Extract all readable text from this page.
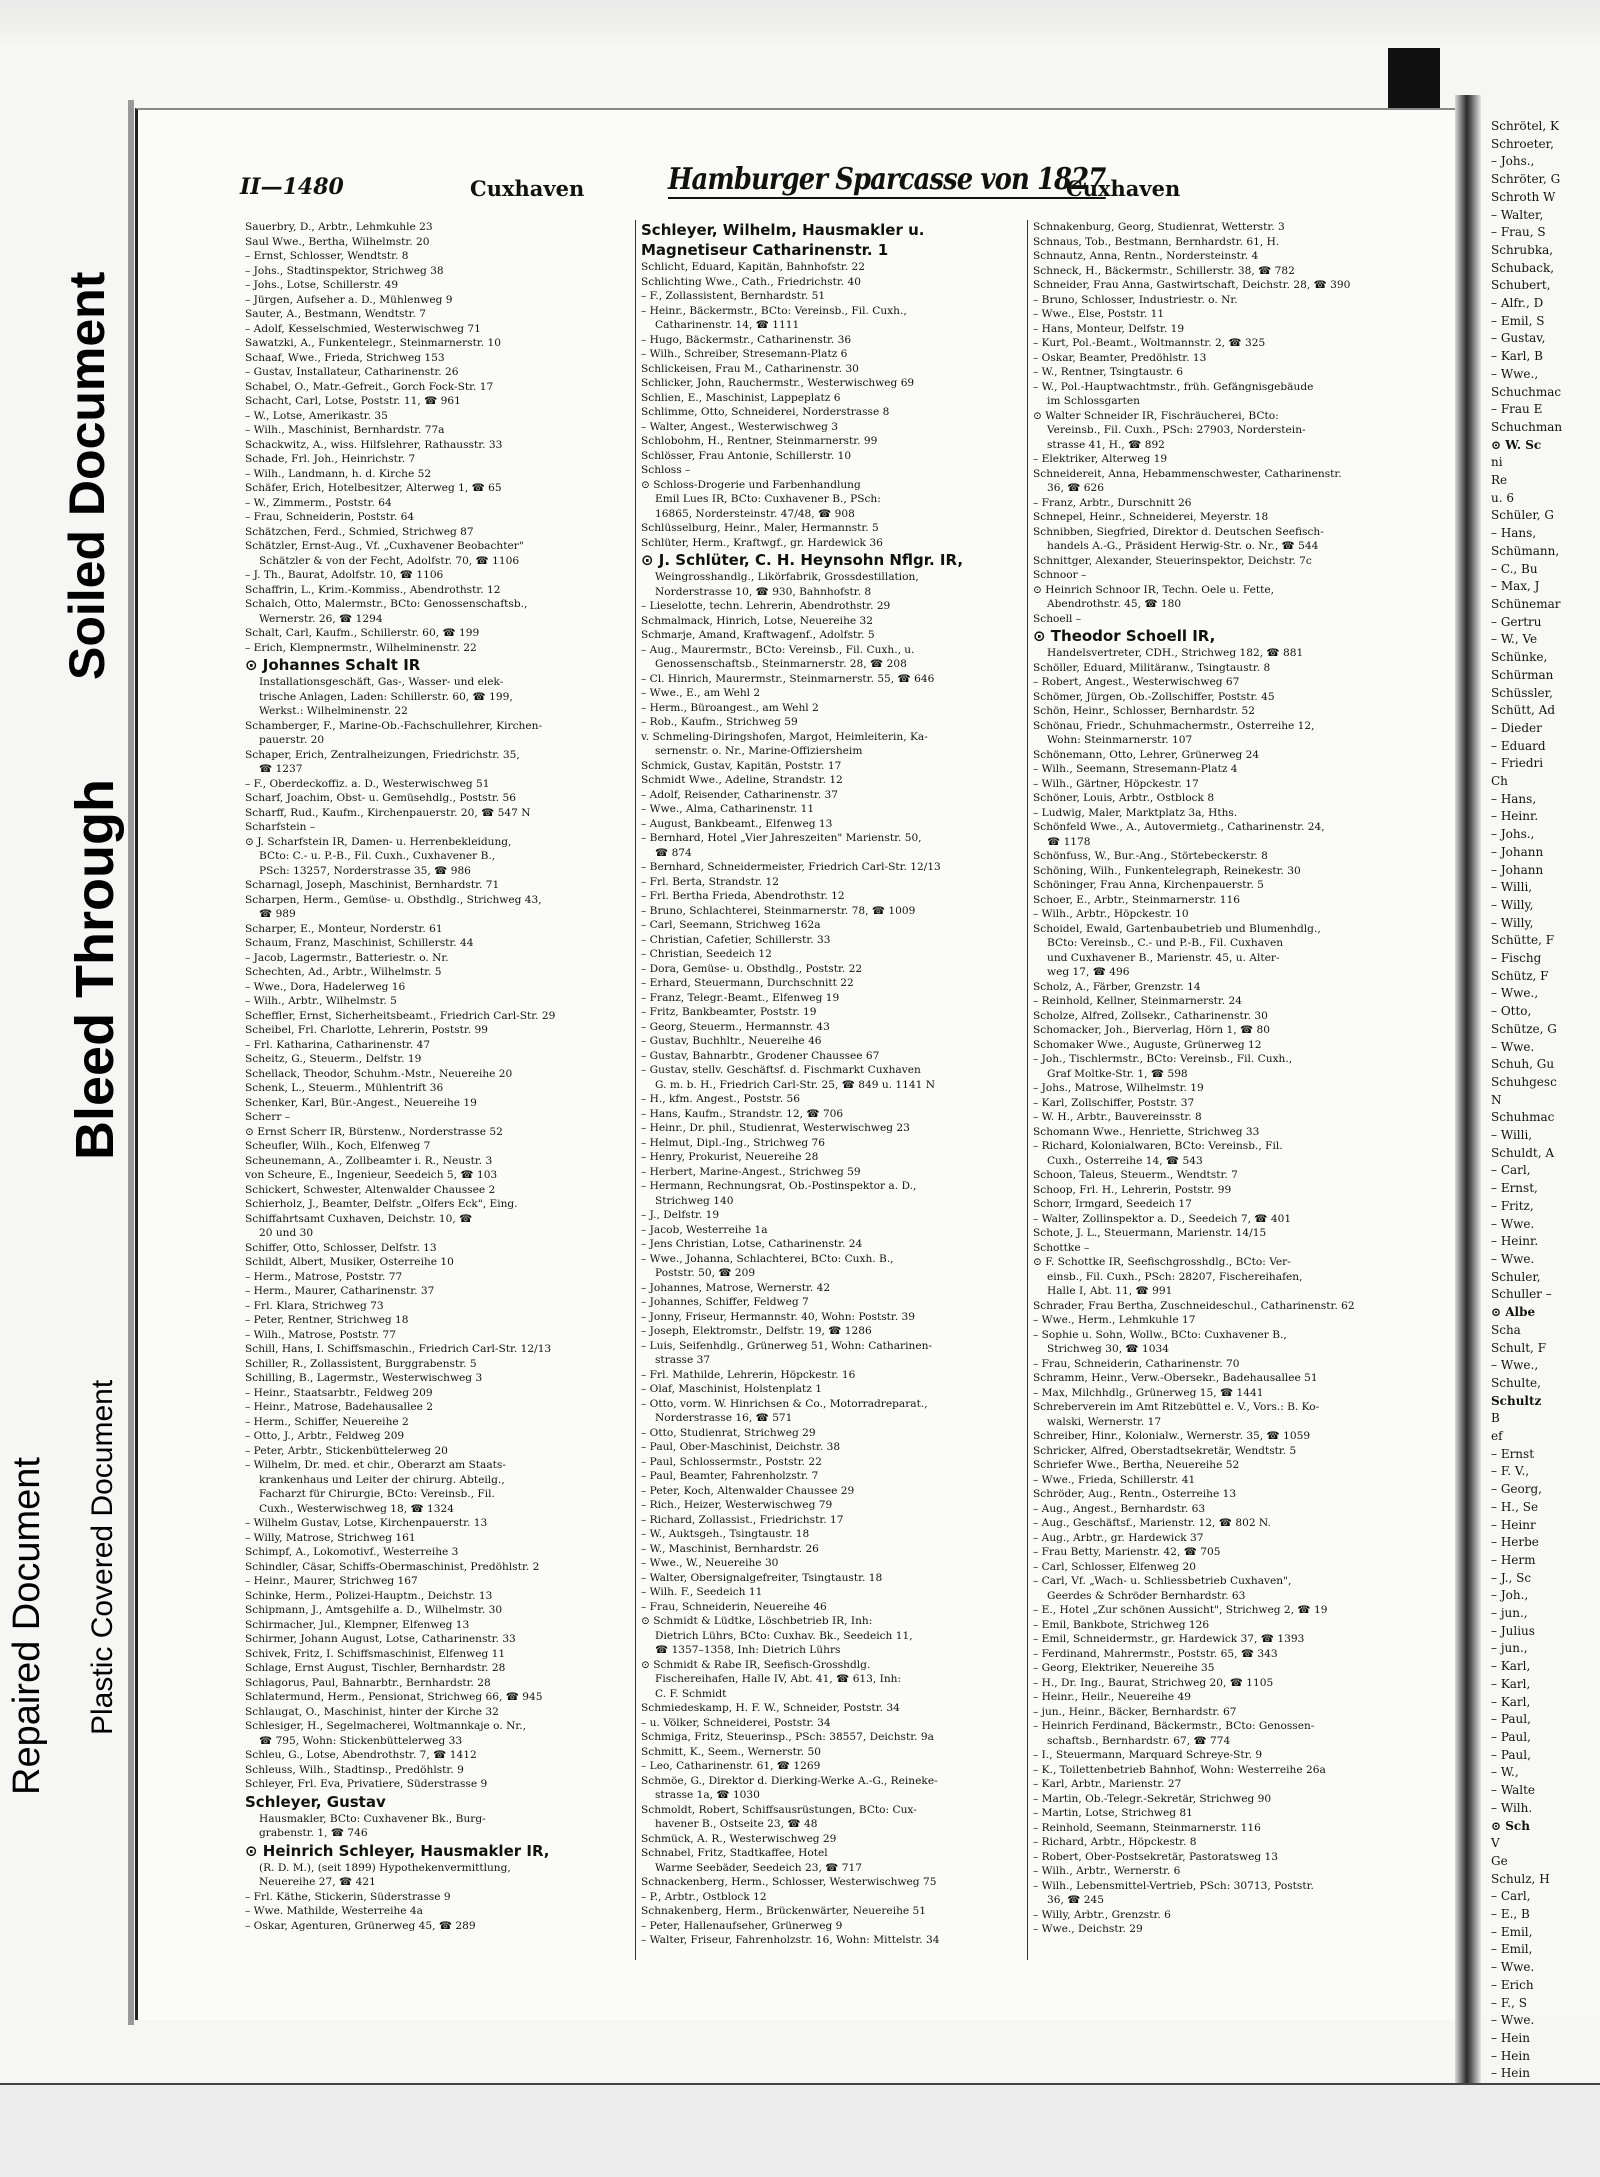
Repaired Document Plastic Covered Document
Bleed Through
Soiled Document
Schrötel, K
Schroeter,
– Johs.,
Schröter, G
Schroth W
– Walter,
– Frau, S
Schrubka,
Schuback,
Schubert,
– Alfr., D
– Emil, S
– Gustav,
– Karl, B
– Wwe.,
Schuchmac
– Frau E
Schuchman
⊙ W. Sc
ni
Re
u. 6
Schüler, G
– Hans,
Schümann,
– C., Bu
– Max, J
Schünemar
– Gertru
– W., Ve
Schünke,
Schürman
Schüssler,
Schütt, Ad
– Dieder
– Eduard
– Friedri
Ch
– Hans,
– Heinr.
– Johs.,
– Johann
– Johann
– Willi,
– Willy,
– Willy,
Schütte, F
– Fischg
Schütz, F
– Wwe.,
– Otto,
Schütze, G
– Wwe.
Schuh, Gu
Schuhgesc
N
Schuhmac
– Willi,
Schuldt, A
– Carl,
– Ernst,
– Fritz,
– Wwe.
– Heinr.
– Wwe.
Schuler,
Schuller –
⊙ Albe
Scha
Schult, F
– Wwe.,
Schulte,
Schultz
B
ef
– Ernst
– F. V.,
– Georg,
– H., Se
– Heinr
– Herbe
– Herm
– J., Sc
– Joh.,
– jun.,
– Julius
– jun.,
– Karl,
– Karl,
– Karl,
– Paul,
– Paul,
– Paul,
– W.,
– Walte
– Wilh.
⊙ Sch
V
Ge
Schulz, H
– Carl,
– E., B
– Emil,
– Emil,
– Wwe.
– Erich
– F., S
– Wwe.
– Hein
– Hein
– Hein
II—1480	Cuxhaven	Hamburger Sparcasse von 1827
Cuxhaven
Sauerbry, D., Arbtr., Lehmkuhle 23
Saul Wwe., Bertha, Wilhelmstr. 20
– Ernst, Schlosser, Wendtstr. 8
– Johs., Stadtinspektor, Strichweg 38
– Johs., Lotse, Schillerstr. 49
– Jürgen, Aufseher a. D., Mühlenweg 9
Sauter, A., Bestmann, Wendtstr. 7
– Adolf, Kesselschmied, Westerwischweg 71
Sawatzki, A., Funkentelegr., Steinmarnerstr. 10
Schaaf, Wwe., Frieda, Strichweg 153
– Gustav, Installateur, Catharinenstr. 26
Schabel, O., Matr.-Gefreit., Gorch Fock-Str. 17
Schacht, Carl, Lotse, Poststr. 11, ☎ 961
– W., Lotse, Amerikastr. 35
– Wilh., Maschinist, Bernhardstr. 77a
Schackwitz, A., wiss. Hilfslehrer, Rathausstr. 33
Schade, Frl. Joh., Heinrichstr. 7
– Wilh., Landmann, h. d. Kirche 52
Schäfer, Erich, Hotelbesitzer, Alterweg 1, ☎ 65
– W., Zimmerm., Poststr. 64
– Frau, Schneiderin, Poststr. 64
Schätzchen, Ferd., Schmied, Strichweg 87
Schätzler, Ernst-Aug., Vf. „Cuxhavener Beobachter"
Schätzler & von der Fecht, Adolfstr. 70, ☎ 1106
– J. Th., Baurat, Adolfstr. 10, ☎ 1106
Schaffrin, L., Krim.-Kommiss., Abendrothstr. 12
Schalch, Otto, Malermstr., BCto: Genossenschaftsb.,
Wernerstr. 26, ☎ 1294
Schalt, Carl, Kaufm., Schillerstr. 60, ☎ 199
– Erich, Klempnermstr., Wilhelminenstr. 22
⊙ Johannes Schalt IR
Installationsgeschäft, Gas-, Wasser- und elek-
trische Anlagen, Laden: Schillerstr. 60, ☎ 199,
Werkst.: Wilhelminenstr. 22
Schamberger, F., Marine-Ob.-Fachschullehrer, Kirchen-
pauerstr. 20
Schaper, Erich, Zentralheizungen, Friedrichstr. 35,
☎ 1237
– F., Oberdeckoffiz. a. D., Westerwischweg 51
Scharf, Joachim, Obst- u. Gemüsehdlg., Poststr. 56
Scharff, Rud., Kaufm., Kirchenpauerstr. 20, ☎ 547 N
Scharfstein –
⊙ J. Scharfstein IR, Damen- u. Herrenbekleidung,
BCto: C.- u. P.-B., Fil. Cuxh., Cuxhavener B.,
PSch: 13257, Norderstrasse 35, ☎ 986
Scharnagl, Joseph, Maschinist, Bernhardstr. 71
Scharpen, Herm., Gemüse- u. Obsthdlg., Strichweg 43,
☎ 989
Scharper, E., Monteur, Norderstr. 61
Schaum, Franz, Maschinist, Schillerstr. 44
– Jacob, Lagermstr., Batteriestr. o. Nr.
Schechten, Ad., Arbtr., Wilhelmstr. 5
– Wwe., Dora, Hadelerweg 16
– Wilh., Arbtr., Wilhelmstr. 5
Scheffler, Ernst, Sicherheitsbeamt., Friedrich Carl-Str. 29
Scheibel, Frl. Charlotte, Lehrerin, Poststr. 99
– Frl. Katharina, Catharinenstr. 47
Scheitz, G., Steuerm., Delfstr. 19
Schellack, Theodor, Schuhm.-Mstr., Neuereihe 20
Schenk, L., Steuerm., Mühlentrift 36
Schenker, Karl, Bür.-Angest., Neuereihe 19
Scherr –
⊙ Ernst Scherr IR, Bürstenw., Norderstrasse 52
Scheufler, Wilh., Koch, Elfenweg 7
Scheunemann, A., Zollbeamter i. R., Neustr. 3
von Scheure, E., Ingenieur, Seedeich 5, ☎ 103
Schickert, Schwester, Altenwalder Chaussee 2
Schierholz, J., Beamter, Delfstr. „Olfers Eck", Eing.
Schiffahrtsamt Cuxhaven, Deichstr. 10, ☎
20 und 30
Schiffer, Otto, Schlosser, Delfstr. 13
Schildt, Albert, Musiker, Osterreihe 10
– Herm., Matrose, Poststr. 77
– Herm., Maurer, Catharinenstr. 37
– Frl. Klara, Strichweg 73
– Peter, Rentner, Strichweg 18
– Wilh., Matrose, Poststr. 77
Schill, Hans, I. Schiffsmaschin., Friedrich Carl-Str. 12/13
Schiller, R., Zollassistent, Burggrabenstr. 5
Schilling, B., Lagermstr., Westerwischweg 3
– Heinr., Staatsarbtr., Feldweg 209
– Heinr., Matrose, Badehausallee 2
– Herm., Schiffer, Neuereihe 2
– Otto, J., Arbtr., Feldweg 209
– Peter, Arbtr., Stickenbüttelerweg 20
– Wilhelm, Dr. med. et chir., Oberarzt am Staats-
krankenhaus und Leiter der chirurg. Abteilg.,
Facharzt für Chirurgie, BCto: Vereinsb., Fil.
Cuxh., Westerwischweg 18, ☎ 1324
– Wilhelm Gustav, Lotse, Kirchenpauerstr. 13
– Willy, Matrose, Strichweg 161
Schimpf, A., Lokomotivf., Westerreihe 3
Schindler, Cäsar, Schiffs-Obermaschinist, Predöhlstr. 2
– Heinr., Maurer, Strichweg 167
Schinke, Herm., Polizei-Hauptm., Deichstr. 13
Schipmann, J., Amtsgehilfe a. D., Wilhelmstr. 30
Schirmacher, Jul., Klempner, Elfenweg 13
Schirmer, Johann August, Lotse, Catharinenstr. 33
Schivek, Fritz, I. Schiffsmaschinist, Elfenweg 11
Schlage, Ernst August, Tischler, Bernhardstr. 28
Schlagorus, Paul, Bahnarbtr., Bernhardstr. 28
Schlatermund, Herm., Pensionat, Strichweg 66, ☎ 945
Schlaugat, O., Maschinist, hinter der Kirche 32
Schlesiger, H., Segelmacherei, Woltmannkaje o. Nr.,
☎ 795, Wohn: Stickenbüttelerweg 33
Schleu, G., Lotse, Abendrothstr. 7, ☎ 1412
Schleuss, Wilh., Stadtinsp., Predöhlstr. 9
Schleyer, Frl. Eva, Privatiere, Süderstrasse 9
Schleyer, Gustav
Hausmakler, BCto: Cuxhavener Bk., Burg-
grabenstr. 1, ☎ 746
⊙ Heinrich Schleyer, Hausmakler IR,
(R. D. M.), (seit 1899) Hypothekenvermittlung,
Neuereihe 27, ☎ 421
– Frl. Käthe, Stickerin, Süderstrasse 9
– Wwe. Mathilde, Westerreihe 4a
– Oskar, Agenturen, Grünerweg 45, ☎ 289
Schleyer, Wilhelm, Hausmakler u.
Magnetiseur Catharinenstr. 1
Schlicht, Eduard, Kapitän, Bahnhofstr. 22
Schlichting Wwe., Cath., Friedrichstr. 40
– F., Zollassistent, Bernhardstr. 51
– Heinr., Bäckermstr., BCto: Vereinsb., Fil. Cuxh.,
Catharinenstr. 14, ☎ 1111
– Hugo, Bäckermstr., Catharinenstr. 36
– Wilh., Schreiber, Stresemann-Platz 6
Schlickeisen, Frau M., Catharinenstr. 30
Schlicker, John, Rauchermstr., Westerwischweg 69
Schlien, E., Maschinist, Lappeplatz 6
Schlimme, Otto, Schneiderei, Norderstrasse 8
– Walter, Angest., Westerwischweg 3
Schlobohm, H., Rentner, Steinmarnerstr. 99
Schlösser, Frau Antonie, Schillerstr. 10
Schloss –
⊙ Schloss-Drogerie und Farbenhandlung
Emil Lues IR, BCto: Cuxhavener B., PSch:
16865, Nordersteinstr. 47/48, ☎ 908
Schlüsselburg, Heinr., Maler, Hermannstr. 5
Schlüter, Herm., Kraftwgf., gr. Hardewick 36
⊙ J. Schlüter, C. H. Heynsohn Nflgr. IR,
Weingrosshandlg., Likörfabrik, Grossdestillation,
Norderstrasse 10, ☎ 930, Bahnhofstr. 8
– Lieselotte, techn. Lehrerin, Abendrothstr. 29
Schmalmack, Hinrich, Lotse, Neuereihe 32
Schmarje, Amand, Kraftwagenf., Adolfstr. 5
– Aug., Maurermstr., BCto: Vereinsb., Fil. Cuxh., u.
Genossenschaftsb., Steinmarnerstr. 28, ☎ 208
– Cl. Hinrich, Maurermstr., Steinmarnerstr. 55, ☎ 646
– Wwe., E., am Wehl 2
– Herm., Büroangest., am Wehl 2
– Rob., Kaufm., Strichweg 59
v. Schmeling-Diringshofen, Margot, Heimleiterin, Ka-
sernenstr. o. Nr., Marine-Offiziersheim
Schmick, Gustav, Kapitän, Poststr. 17
Schmidt Wwe., Adeline, Strandstr. 12
– Adolf, Reisender, Catharinenstr. 37
– Wwe., Alma, Catharinenstr. 11
– August, Bankbeamt., Elfenweg 13
– Bernhard, Hotel „Vier Jahreszeiten" Marienstr. 50,
☎ 874
– Bernhard, Schneidermeister, Friedrich Carl-Str. 12/13
– Frl. Berta, Strandstr. 12
– Frl. Bertha Frieda, Abendrothstr. 12
– Bruno, Schlachterei, Steinmarnerstr. 78, ☎ 1009
– Carl, Seemann, Strichweg 162a
– Christian, Cafetier, Schillerstr. 33
– Christian, Seedeich 12
– Dora, Gemüse- u. Obsthdlg., Poststr. 22
– Erhard, Steuermann, Durchschnitt 22
– Franz, Telegr.-Beamt., Elfenweg 19
– Fritz, Bankbeamter, Poststr. 19
– Georg, Steuerm., Hermannstr. 43
– Gustav, Buchhltr., Neuereihe 46
– Gustav, Bahnarbtr., Grodener Chaussee 67
– Gustav, stellv. Geschäftsf. d. Fischmarkt Cuxhaven
G. m. b. H., Friedrich Carl-Str. 25, ☎ 849 u. 1141 N
– H., kfm. Angest., Poststr. 56
– Hans, Kaufm., Strandstr. 12, ☎ 706
– Heinr., Dr. phil., Studienrat, Westerwischweg 23
– Helmut, Dipl.-Ing., Strichweg 76
– Henry, Prokurist, Neuereihe 28
– Herbert, Marine-Angest., Strichweg 59
– Hermann, Rechnungsrat, Ob.-Postinspektor a. D.,
Strichweg 140
– J., Delfstr. 19
– Jacob, Westerreihe 1a
– Jens Christian, Lotse, Catharinenstr. 24
– Wwe., Johanna, Schlachterei, BCto: Cuxh. B.,
Poststr. 50, ☎ 209
– Johannes, Matrose, Wernerstr. 42
– Johannes, Schiffer, Feldweg 7
– Jonny, Friseur, Hermannstr. 40, Wohn: Poststr. 39
– Joseph, Elektromstr., Delfstr. 19, ☎ 1286
– Luis, Seifenhdlg., Grünerweg 51, Wohn: Catharinen-
strasse 37
– Frl. Mathilde, Lehrerin, Höpckestr. 16
– Olaf, Maschinist, Holstenplatz 1
– Otto, vorm. W. Hinrichsen & Co., Motorradreparat.,
Norderstrasse 16, ☎ 571
– Otto, Studienrat, Strichweg 29
– Paul, Ober-Maschinist, Deichstr. 38
– Paul, Schlossermstr., Poststr. 22
– Paul, Beamter, Fahrenholzstr. 7
– Peter, Koch, Altenwalder Chaussee 29
– Rich., Heizer, Westerwischweg 79
– Richard, Zollassist., Friedrichstr. 17
– W., Auktsgeh., Tsingtaustr. 18
– W., Maschinist, Bernhardstr. 26
– Wwe., W., Neuereihe 30
– Walter, Obersignalgefreiter, Tsingtaustr. 18
– Wilh. F., Seedeich 11
– Frau, Schneiderin, Neuereihe 46
⊙ Schmidt & Lüdtke, Löschbetrieb IR, Inh:
Dietrich Lührs, BCto: Cuxhav. Bk., Seedeich 11,
☎ 1357–1358, Inh: Dietrich Lührs
⊙ Schmidt & Rabe IR, Seefisch-Grosshdlg.
Fischereihafen, Halle IV, Abt. 41, ☎ 613, Inh:
C. F. Schmidt
Schmiedeskamp, H. F. W., Schneider, Poststr. 34
– u. Völker, Schneiderei, Poststr. 34
Schmiga, Fritz, Steuerinsp., PSch: 38557, Deichstr. 9a
Schmitt, K., Seem., Wernerstr. 50
– Leo, Catharinenstr. 61, ☎ 1269
Schmöe, G., Direktor d. Dierking-Werke A.-G., Reineke-
strasse 1a, ☎ 1030
Schmoldt, Robert, Schiffsausrüstungen, BCto: Cux-
havener B., Ostseite 23, ☎ 48
Schmück, A. R., Westerwischweg 29
Schnabel, Fritz, Stadtkaffee, Hotel
Warme Seebäder, Seedeich 23, ☎ 717
Schnackenberg, Herm., Schlosser, Westerwischweg 75
– P., Arbtr., Ostblock 12
Schnakenberg, Herm., Brückenwärter, Neuereihe 51
– Peter, Hallenaufseher, Grünerweg 9
– Walter, Friseur, Fahrenholzstr. 16, Wohn: Mittelstr. 34
Schnakenburg, Georg, Studienrat, Wetterstr. 3
Schnaus, Tob., Bestmann, Bernhardstr. 61, H.
Schnautz, Anna, Rentn., Nordersteinstr. 4
Schneck, H., Bäckermstr., Schillerstr. 38, ☎ 782
Schneider, Frau Anna, Gastwirtschaft, Deichstr. 28, ☎ 390
– Bruno, Schlosser, Industriestr. o. Nr.
– Wwe., Else, Poststr. 11
– Hans, Monteur, Delfstr. 19
– Kurt, Pol.-Beamt., Woltmannstr. 2, ☎ 325
– Oskar, Beamter, Predöhlstr. 13
– W., Rentner, Tsingtaustr. 6
– W., Pol.-Hauptwachtmstr., früh. Gefängnisgebäude
im Schlossgarten
⊙ Walter Schneider IR, Fischräucherei, BCto:
Vereinsb., Fil. Cuxh., PSch: 27903, Norderstein-
strasse 41, H., ☎ 892
– Elektriker, Alterweg 19
Schneidereit, Anna, Hebammenschwester, Catharinenstr.
36, ☎ 626
– Franz, Arbtr., Durschnitt 26
Schnepel, Heinr., Schneiderei, Meyerstr. 18
Schnibben, Siegfried, Direktor d. Deutschen Seefisch-
handels A.-G., Präsident Herwig-Str. o. Nr., ☎ 544
Schnittger, Alexander, Steuerinspektor, Deichstr. 7c
Schnoor –
⊙ Heinrich Schnoor IR, Techn. Oele u. Fette,
Abendrothstr. 45, ☎ 180
Schoell –
⊙ Theodor Schoell IR,
Handelsvertreter, CDH., Strichweg 182, ☎ 881
Schöller, Eduard, Militäranw., Tsingtaustr. 8
– Robert, Angest., Westerwischweg 67
Schömer, Jürgen, Ob.-Zollschiffer, Poststr. 45
Schön, Heinr., Schlosser, Bernhardstr. 52
Schönau, Friedr., Schuhmachermstr., Osterreihe 12,
Wohn: Steinmarnerstr. 107
Schönemann, Otto, Lehrer, Grünerweg 24
– Wilh., Seemann, Stresemann-Platz 4
– Wilh., Gärtner, Höpckestr. 17
Schöner, Louis, Arbtr., Ostblock 8
– Ludwig, Maler, Marktplatz 3a, Hths.
Schönfeld Wwe., A., Autovermietg., Catharinenstr. 24,
☎ 1178
Schönfuss, W., Bur.-Ang., Störtebeckerstr. 8
Schöning, Wilh., Funkentelegraph, Reinekestr. 30
Schöninger, Frau Anna, Kirchenpauerstr. 5
Schoer, E., Arbtr., Steinmarnerstr. 116
– Wilh., Arbtr., Höpckestr. 10
Schoidel, Ewald, Gartenbaubetrieb und Blumenhdlg.,
BCto: Vereinsb., C.- und P.-B., Fil. Cuxhaven
und Cuxhavener B., Marienstr. 45, u. Alter-
weg 17, ☎ 496
Scholz, A., Färber, Grenzstr. 14
– Reinhold, Kellner, Steinmarnerstr. 24
Scholze, Alfred, Zollsekr., Catharinenstr. 30
Schomacker, Joh., Bierverlag, Hörn 1, ☎ 80
Schomaker Wwe., Auguste, Grünerweg 12
– Joh., Tischlermstr., BCto: Vereinsb., Fil. Cuxh.,
Graf Moltke-Str. 1, ☎ 598
– Johs., Matrose, Wilhelmstr. 19
– Karl, Zollschiffer, Poststr. 37
– W. H., Arbtr., Bauvereinsstr. 8
Schomann Wwe., Henriette, Strichweg 33
– Richard, Kolonialwaren, BCto: Vereinsb., Fil.
Cuxh., Osterreihe 14, ☎ 543
Schoon, Taleus, Steuerm., Wendtstr. 7
Schoop, Frl. H., Lehrerin, Poststr. 99
Schorr, Irmgard, Seedeich 17
– Walter, Zollinspektor a. D., Seedeich 7, ☎ 401
Schote, J. L., Steuermann, Marienstr. 14/15
Schottke –
⊙ F. Schottke IR, Seefischgrosshdlg., BCto: Ver-
einsb., Fil. Cuxh., PSch: 28207, Fischereihafen,
Halle I, Abt. 11, ☎ 991
Schrader, Frau Bertha, Zuschneideschul., Catharinenstr. 62
– Wwe., Herm., Lehmkuhle 17
– Sophie u. Sohn, Wollw., BCto: Cuxhavener B.,
Strichweg 30, ☎ 1034
– Frau, Schneiderin, Catharinenstr. 70
Schramm, Heinr., Verw.-Obersekr., Badehausallee 51
– Max, Milchhdlg., Grünerweg 15, ☎ 1441
Schreberverein im Amt Ritzebüttel e. V., Vors.: B. Ko-
walski, Wernerstr. 17
Schreiber, Hinr., Kolonialw., Wernerstr. 35, ☎ 1059
Schricker, Alfred, Oberstadtsekretär, Wendtstr. 5
Schriefer Wwe., Bertha, Neuereihe 52
– Wwe., Frieda, Schillerstr. 41
Schröder, Aug., Rentn., Osterreihe 13
– Aug., Angest., Bernhardstr. 63
– Aug., Geschäftsf., Marienstr. 12, ☎ 802 N.
– Aug., Arbtr., gr. Hardewick 37
– Frau Betty, Marienstr. 42, ☎ 705
– Carl, Schlosser, Elfenweg 20
– Carl, Vf. „Wach- u. Schliessbetrieb Cuxhaven",
Geerdes & Schröder Bernhardstr. 63
– E., Hotel „Zur schönen Aussicht", Strichweg 2, ☎ 19
– Emil, Bankbote, Strichweg 126
– Emil, Schneidermstr., gr. Hardewick 37, ☎ 1393
– Ferdinand, Mahrermstr., Poststr. 65, ☎ 343
– Georg, Elektriker, Neuereihe 35
– H., Dr. Ing., Baurat, Strichweg 20, ☎ 1105
– Heinr., Heilr., Neuereihe 49
– jun., Heinr., Bäcker, Bernhardstr. 67
– Heinrich Ferdinand, Bäckermstr., BCto: Genossen-
schaftsb., Bernhardstr. 67, ☎ 774
– I., Steuermann, Marquard Schreye-Str. 9
– K., Toilettenbetrieb Bahnhof, Wohn: Westerreihe 26a
– Karl, Arbtr., Marienstr. 27
– Martin, Ob.-Telegr.-Sekretär, Strichweg 90
– Martin, Lotse, Strichweg 81
– Reinhold, Seemann, Steinmarnerstr. 116
– Richard, Arbtr., Höpckestr. 8
– Robert, Ober-Postsekretär, Pastoratsweg 13
– Wilh., Arbtr., Wernerstr. 6
– Wilh., Lebensmittel-Vertrieb, PSch: 30713, Poststr.
36, ☎ 245
– Willy, Arbtr., Grenzstr. 6
– Wwe., Deichstr. 29
